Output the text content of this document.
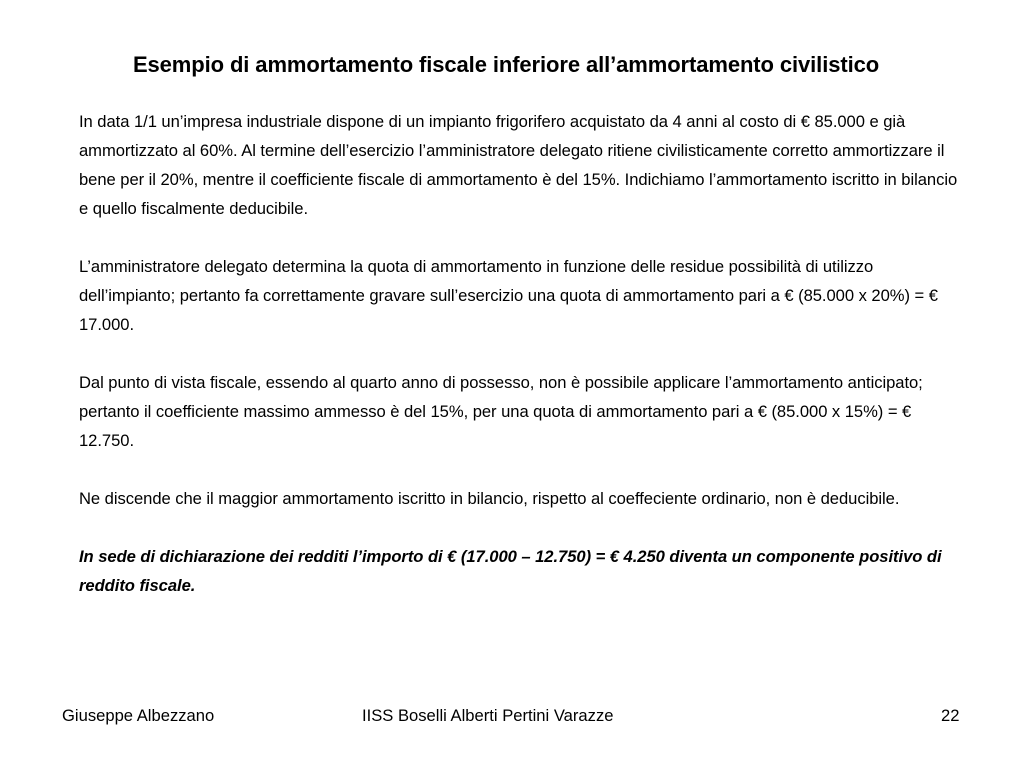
Esempio di ammortamento fiscale inferiore all’ammortamento civilistico

In data 1/1 un’impresa industriale dispone di un impianto frigorifero acquistato da 4 anni al costo di € 85.000 e già ammortizzato al 60%. Al termine dell’esercizio l’amministratore delegato ritiene civilisticamente corretto ammortizzare il bene per il 20%, mentre il coefficiente fiscale di ammortamento è del 15%. Indichiamo l’ammortamento iscritto in bilancio e quello fiscalmente deducibile.

L’amministratore delegato determina la quota di ammortamento in funzione delle residue possibilità di utilizzo dell’impianto; pertanto fa correttamente gravare sull’esercizio una quota di ammortamento pari a € (85.000 x 20%) = € 17.000.

Dal punto di vista fiscale, essendo al quarto anno di possesso, non è possibile applicare l’ammortamento anticipato; pertanto il coefficiente massimo ammesso è del 15%, per una quota di ammortamento pari a € (85.000 x 15%) = € 12.750.

Ne discende che il maggior ammortamento iscritto in bilancio, rispetto al coeffeciente ordinario, non è deducibile.

In sede di dichiarazione dei redditi l’importo di € (17.000 – 12.750) = € 4.250 diventa un componente positivo di reddito fiscale.

Giuseppe Albezzano	IISS Boselli Alberti Pertini Varazze	22
